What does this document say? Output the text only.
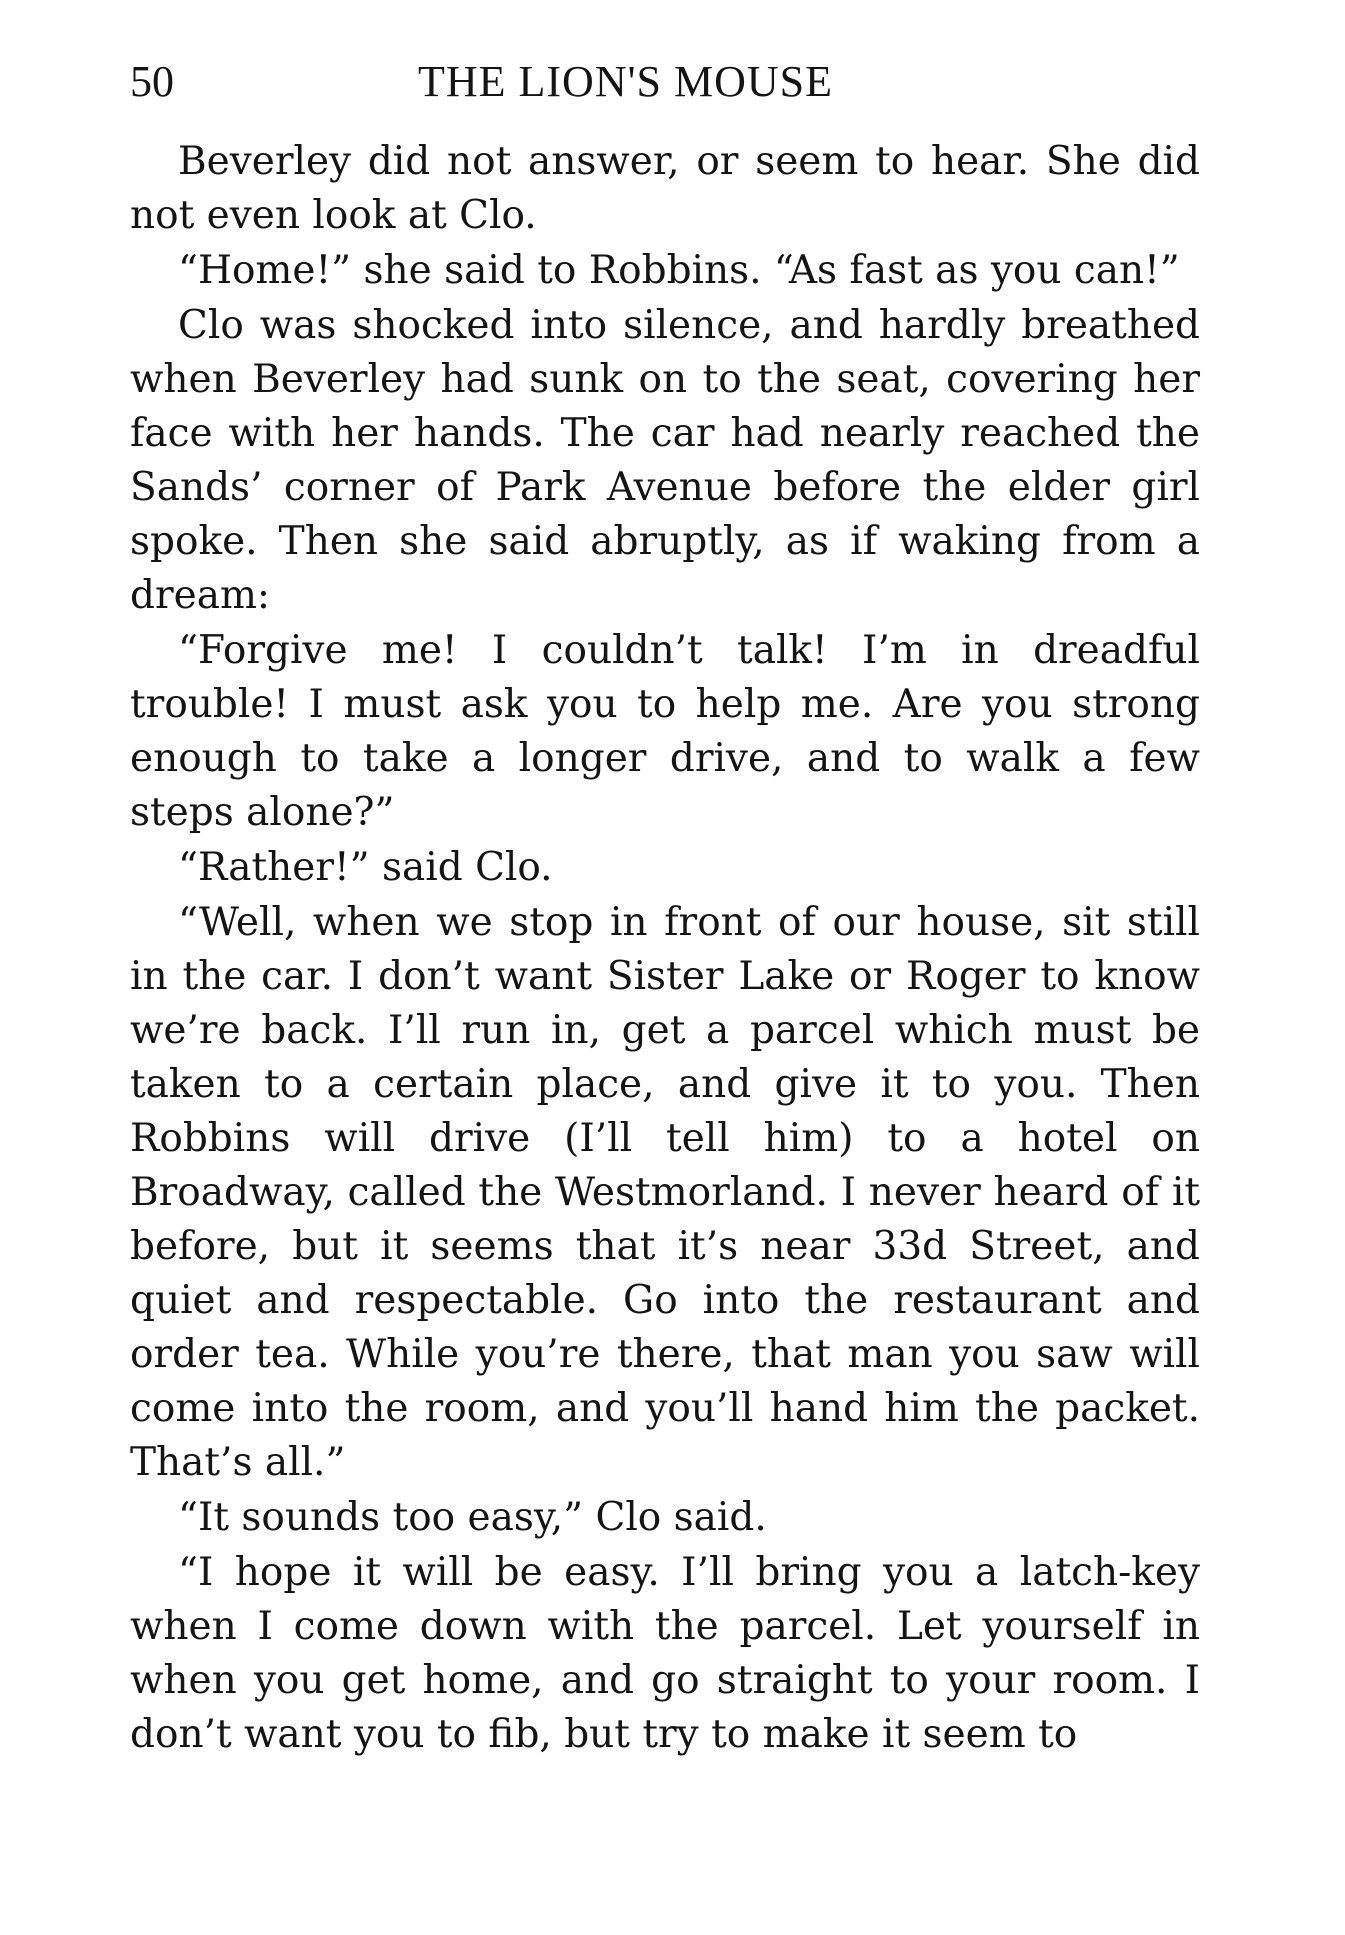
50	THE LION'S MOUSE

Beverley did not answer, or seem to hear. She did not even look at Clo.

“Home!” she said to Robbins. “As fast as you can!”

Clo was shocked into silence, and hardly breathed when Beverley had sunk on to the seat, covering her face with her hands. The car had nearly reached the Sands’ corner of Park Avenue before the elder girl spoke. Then she said abruptly, as if waking from a dream:

“Forgive me! I couldn’t talk! I’m in dreadful trouble! I must ask you to help me. Are you strong enough to take a longer drive, and to walk a few steps alone?”

“Rather!” said Clo.

“Well, when we stop in front of our house, sit still in the car. I don’t want Sister Lake or Roger to know we’re back. I’ll run in, get a parcel which must be taken to a certain place, and give it to you. Then Robbins will drive (I’ll tell him) to a hotel on Broadway, called the Westmorland. I never heard of it before, but it seems that it’s near 33d Street, and quiet and respectable. Go into the restaurant and order tea. While you’re there, that man you saw will come into the room, and you’ll hand him the packet. That’s all.”

“It sounds too easy,” Clo said.

“I hope it will be easy. I’ll bring you a latch-key when I come down with the parcel. Let yourself in when you get home, and go straight to your room. I don’t want you to fib, but try to make it seem to
